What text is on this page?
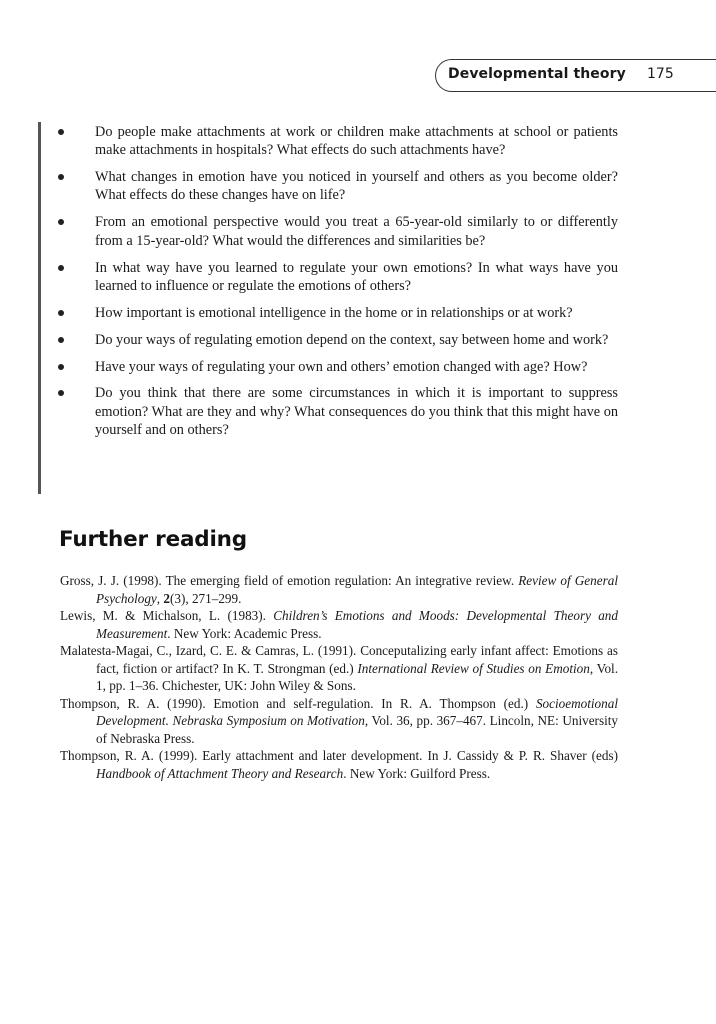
Developmental theory 175
Do people make attachments at work or children make attachments at school or patients make attachments in hospitals? What effects do such attachments have?
What changes in emotion have you noticed in yourself and others as you become older? What effects do these changes have on life?
From an emotional perspective would you treat a 65-year-old similarly to or differently from a 15-year-old? What would the differences and similarities be?
In what way have you learned to regulate your own emotions? In what ways have you learned to influence or regulate the emotions of others?
How important is emotional intelligence in the home or in relationships or at work?
Do your ways of regulating emotion depend on the context, say between home and work?
Have your ways of regulating your own and others’ emotion changed with age? How?
Do you think that there are some circumstances in which it is important to suppress emotion? What are they and why? What consequences do you think that this might have on yourself and on others?
Further reading
Gross, J. J. (1998). The emerging field of emotion regulation: An integrative review. Review of General Psychology, 2(3), 271–299.
Lewis, M. & Michalson, L. (1983). Children’s Emotions and Moods: Developmental Theory and Measurement. New York: Academic Press.
Malatesta-Magai, C., Izard, C. E. & Camras, L. (1991). Conceputalizing early infant affect: Emotions as fact, fiction or artifact? In K. T. Strongman (ed.) International Review of Studies on Emotion, Vol. 1, pp. 1–36. Chichester, UK: John Wiley & Sons.
Thompson, R. A. (1990). Emotion and self-regulation. In R. A. Thompson (ed.) Socioemotional Development. Nebraska Symposium on Motivation, Vol. 36, pp. 367–467. Lincoln, NE: University of Nebraska Press.
Thompson, R. A. (1999). Early attachment and later development. In J. Cassidy & P. R. Shaver (eds) Handbook of Attachment Theory and Research. New York: Guilford Press.
